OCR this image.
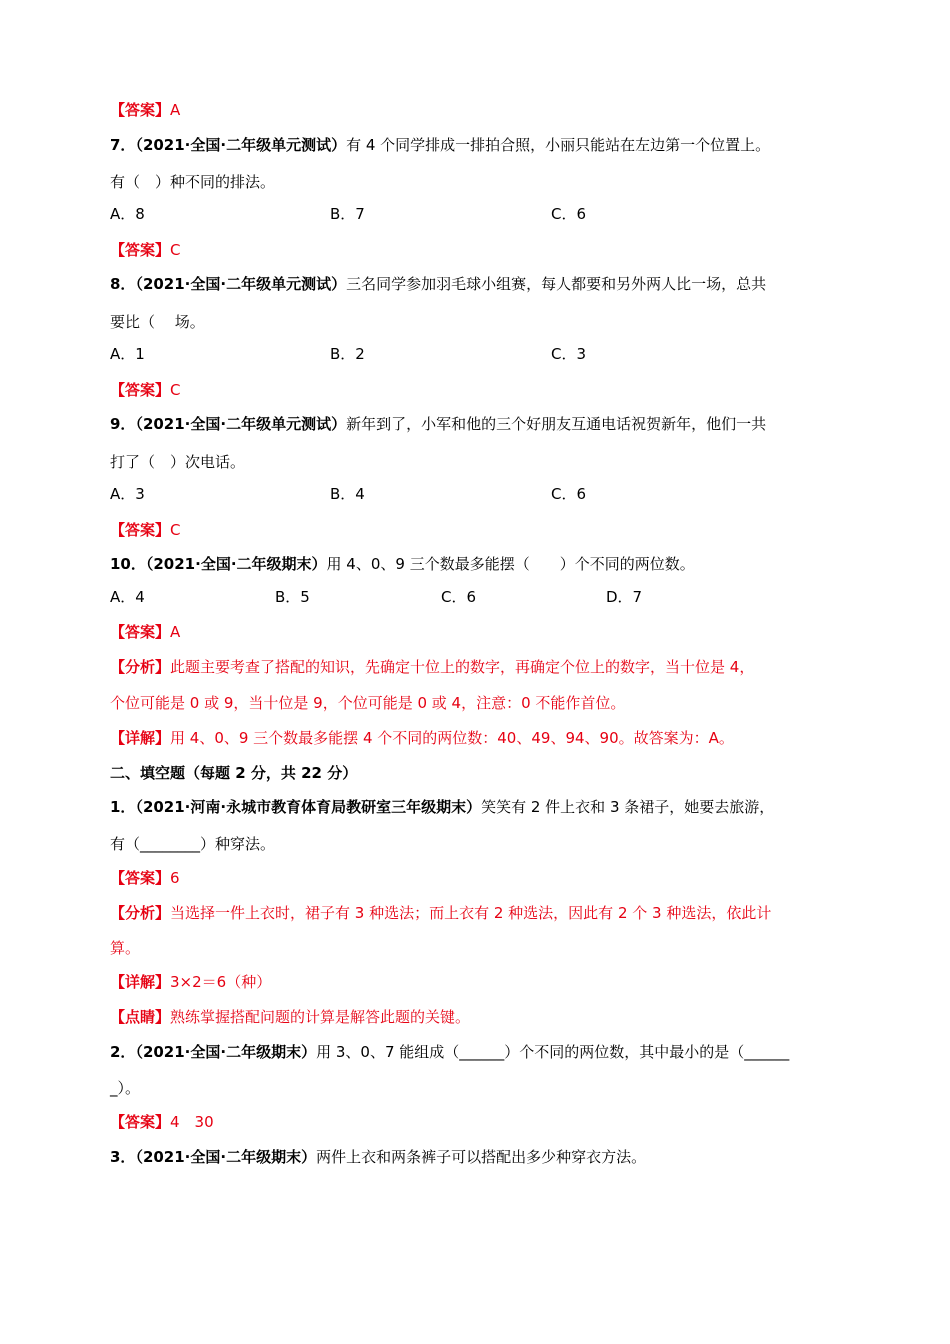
【答案】A
7．（2021·全国·二年级单元测试）有 4 个同学排成一排拍合照，小丽只能站在左边第一个位置上。
有（　）种不同的排法。
A．8	B．7	C．6
【答案】C
8．（2021·全国·二年级单元测试）三名同学参加羽毛球小组赛，每人都要和另外两人比一场，总共
要比（　 场。
A．1	B．2	C．3
【答案】C
9．（2021·全国·二年级单元测试）新年到了，小军和他的三个好朋友互通电话祝贺新年，他们一共
打了（　）次电话。
A．3	B．4	C．6
【答案】C
10．（2021·全国·二年级期末）用 4、0、9 三个数最多能摆（　　）个不同的两位数。
A．4	B．5	C．6	D．7
【答案】A
【分析】此题主要考查了搭配的知识，先确定十位上的数字，再确定个位上的数字，当十位是 4，
个位可能是 0 或 9，当十位是 9，个位可能是 0 或 4，注意：0 不能作首位。
【详解】用 4、0、9 三个数最多能摆 4 个不同的两位数：40、49、94、90。故答案为：A。
二、填空题（每题 2 分，共 22 分）
1．（2021·河南·永城市教育体育局教研室三年级期末）笑笑有 2 件上衣和 3 条裙子，她要去旅游，
有（________）种穿法。
【答案】6
【分析】当选择一件上衣时，裙子有 3 种选法；而上衣有 2 种选法，因此有 2 个 3 种选法，依此计
算。
【详解】3×2＝6（种）
【点睛】熟练掌握搭配问题的计算是解答此题的关键。
2．（2021·全国·二年级期末）用 3、0、7 能组成（______）个不同的两位数，其中最小的是（______
_）。
【答案】4　30
3．（2021·全国·二年级期末）两件上衣和两条裤子可以搭配出多少种穿衣方法。
